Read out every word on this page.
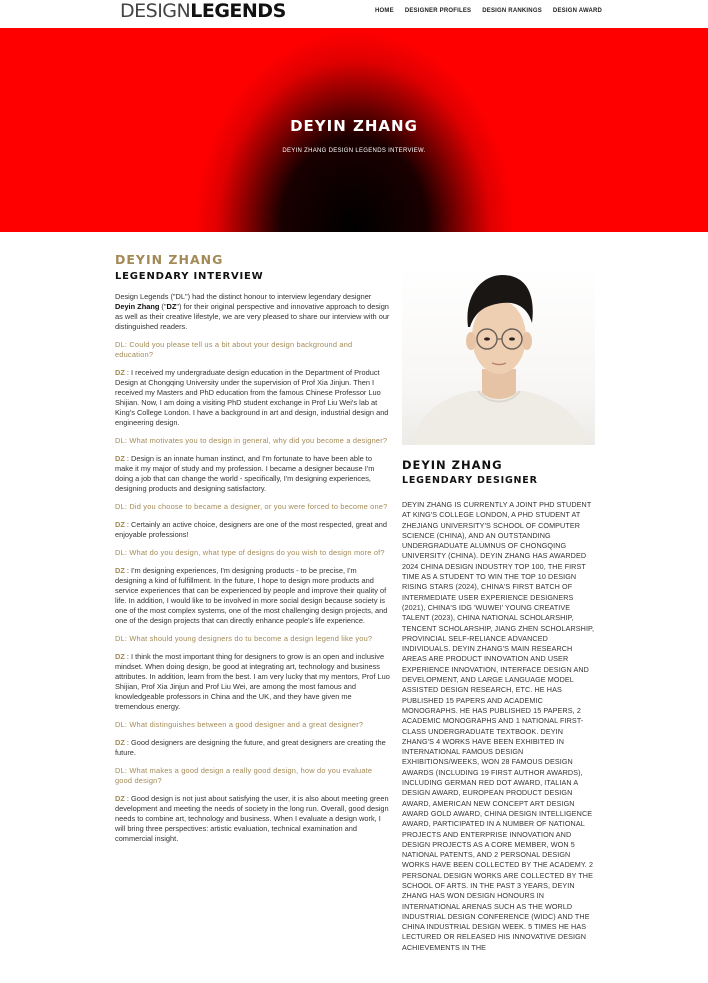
DESIGNLEGENDS	HOME DESIGNER PROFILES DESIGN RANKINGS DESIGN AWARD
DEYIN ZHANG
DEYIN ZHANG DESIGN LEGENDS INTERVIEW.
DEYIN ZHANG
LEGENDARY INTERVIEW

Design Legends ("DL") had the distinct honour to interview legendary designer Deyin Zhang ("DZ") for their original perspective and innovative approach to design as well as their creative lifestyle, we are very pleased to share our interview with our distinguished readers.

DL: Could you please tell us a bit about your design background and education?

DZ : I received my undergraduate design education in the Department of Product Design at Chongqing University under the supervision of Prof Xia Jinjun. Then I received my Masters and PhD education from the famous Chinese Professor Luo Shijian. Now, I am doing a visiting PhD student exchange in Prof Liu Wei's lab at King's College London. I have a background in art and design, industrial design and engineering design.

DL: What motivates you to design in general, why did you become a designer?

DZ : Design is an innate human instinct, and I'm fortunate to have been able to make it my major of study and my profession. I became a designer because I'm doing a job that can change the world - specifically, I'm designing experiences, designing products and designing satisfactory.

DL: Did you choose to became a designer, or you were forced to become one?

DZ : Certainly an active choice, designers are one of the most respected, great and enjoyable professions!

DL: What do you design, what type of designs do you wish to design more of?

DZ : I'm designing experiences, I'm designing products - to be precise, I'm designing a kind of fulfillment. In the future, I hope to design more products and service experiences that can be experienced by people and improve their quality of life. In addition, I would like to be involved in more social design because society is one of the most complex systems, one of the most challenging design projects, and one of the design projects that can directly enhance people's life experience.

DL: What should young designers do tu become a design legend like you?

DZ : I think the most important thing for designers to grow is an open and inclusive mindset. When doing design, be good at integrating art, technology and business attributes. In addition, learn from the best. I am very lucky that my mentors, Prof Luo Shijian, Prof Xia Jinjun and Prof Liu Wei, are among the most famous and knowledgeable professors in China and the UK, and they have given me tremendous energy.

DL: What distinguishes between a good designer and a great designer?

DZ : Good designers are designing the future, and great designers are creating the future.

DL: What makes a good design a really good design, how do you evaluate good design?

DZ : Good design is not just about satisfying the user, it is also about meeting green development and meeting the needs of society in the long run. Overall, good design needs to combine art, technology and business. When I evaluate a design work, I will bring three perspectives: artistic evaluation, technical examination and commercial insight.

DEYIN ZHANG
LEGENDARY DESIGNER

DEYIN ZHANG IS CURRENTLY A JOINT PHD STUDENT AT KING'S COLLEGE LONDON, A PHD STUDENT AT ZHEJIANG UNIVERSITY'S SCHOOL OF COMPUTER SCIENCE (CHINA), AND AN OUTSTANDING UNDERGRADUATE ALUMNUS OF CHONGQING UNIVERSITY (CHINA). DEYIN ZHANG HAS AWARDED 2024 CHINA DESIGN INDUSTRY TOP 100, THE FIRST TIME AS A STUDENT TO WIN THE TOP 10 DESIGN RISING STARS (2024), CHINA'S FIRST BATCH OF INTERMEDIATE USER EXPERIENCE DESIGNERS (2021), CHINA'S IDG 'WUWEI' YOUNG CREATIVE TALENT (2023), CHINA NATIONAL SCHOLARSHIP, TENCENT SCHOLARSHIP, JIANG ZHEN SCHOLARSHIP, PROVINCIAL SELF-RELIANCE ADVANCED INDIVIDUALS. DEYIN ZHANG'S MAIN RESEARCH AREAS ARE PRODUCT INNOVATION AND USER EXPERIENCE INNOVATION, INTERFACE DESIGN AND DEVELOPMENT, AND LARGE LANGUAGE MODEL ASSISTED DESIGN RESEARCH, ETC. HE HAS PUBLISHED 15 PAPERS AND ACADEMIC MONOGRAPHS. HE HAS PUBLISHED 15 PAPERS, 2 ACADEMIC MONOGRAPHS AND 1 NATIONAL FIRST-CLASS UNDERGRADUATE TEXTBOOK. DEYIN ZHANG'S 4 WORKS HAVE BEEN EXHIBITED IN INTERNATIONAL FAMOUS DESIGN EXHIBITIONS/WEEKS, WON 28 FAMOUS DESIGN AWARDS (INCLUDING 19 FIRST AUTHOR AWARDS), INCLUDING GERMAN RED DOT AWARD, ITALIAN A DESIGN AWARD, EUROPEAN PRODUCT DESIGN AWARD, AMERICAN NEW CONCEPT ART DESIGN AWARD GOLD AWARD, CHINA DESIGN INTELLIGENCE AWARD, PARTICIPATED IN A NUMBER OF NATIONAL PROJECTS AND ENTERPRISE INNOVATION AND DESIGN PROJECTS AS A CORE MEMBER, WON 5 NATIONAL PATENTS, AND 2 PERSONAL DESIGN WORKS HAVE BEEN COLLECTED BY THE ACADEMY. 2 PERSONAL DESIGN WORKS ARE COLLECTED BY THE SCHOOL OF ARTS. IN THE PAST 3 YEARS, DEYIN ZHANG HAS WON DESIGN HONOURS IN INTERNATIONAL ARENAS SUCH AS THE WORLD INDUSTRIAL DESIGN CONFERENCE (WIDC) AND THE CHINA INDUSTRIAL DESIGN WEEK. 5 TIMES HE HAS LECTURED OR RELEASED HIS INNOVATIVE DESIGN ACHIEVEMENTS IN THE
